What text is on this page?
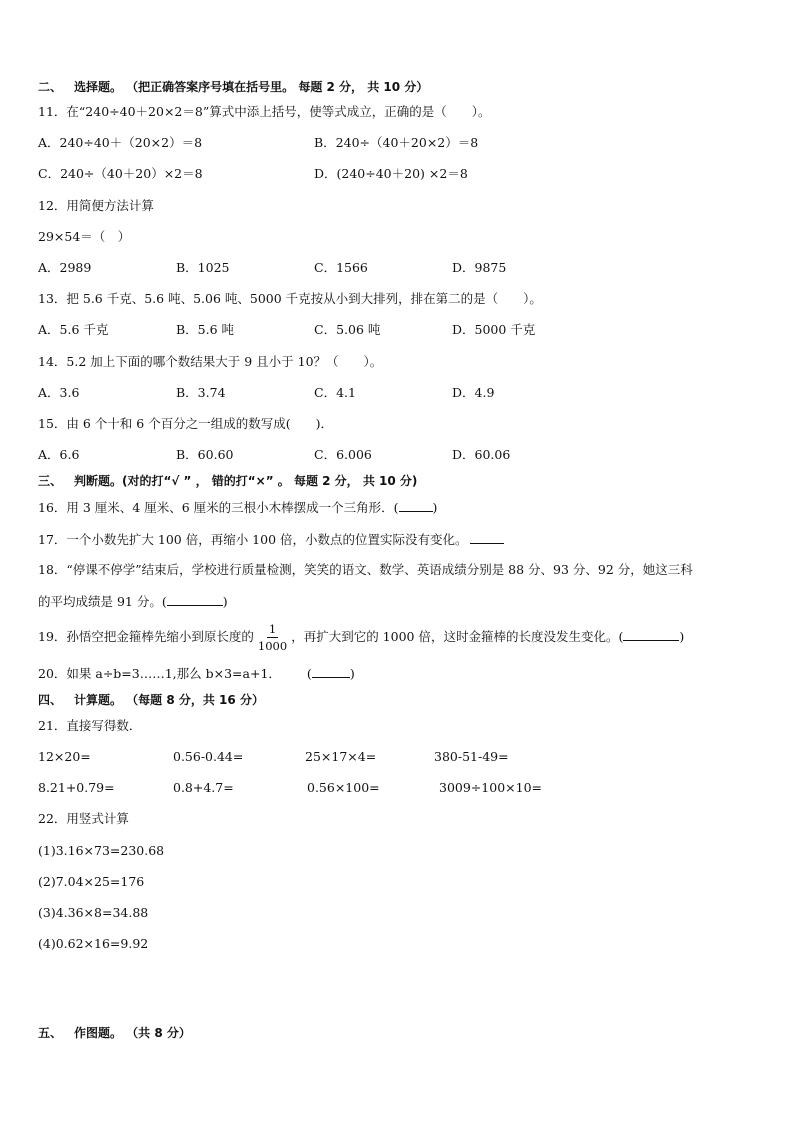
二、 选择题。 （把正确答案序号填在括号里。 每题 2 分， 共 10 分）
11．在“240÷40＋20×2＝8”算式中添上括号，使等式成立，正确的是（　　）。
A．240÷40＋（20×2）＝8	B．240÷（40＋20×2）＝8
C．240÷（40＋20）×2＝8	D．(240÷40＋20) ×2＝8
12．用简便方法计算
29×54＝（　）
A．2989	B．1025	C．1566	D．9875
13．把 5.6 千克、5.6 吨、5.06 吨、5000 千克按从小到大排列，排在第二的是（　　）。
A．5.6 千克	B．5.6 吨	C．5.06 吨	D．5000 千克
14．5.2 加上下面的哪个数结果大于 9 且小于 10？（　　）。
A．3.6	B．3.74	C．4.1	D．4.9
15．由 6 个十和 6 个百分之一组成的数写成(　　)．
A．6.6	B．60.60	C．6.006	D．60.06
三、 判断题。(对的打“√ ” ， 错的打“×” 。 每题 2 分， 共 10 分)
16．用 3 厘米、4 厘米、6 厘米的三根小木棒摆成一个三角形．(	)
17．一个小数先扩大 100 倍，再缩小 100 倍，小数点的位置实际没有变化。
18．“停课不停学”结束后，学校进行质量检测，笑笑的语文、数学、英语成绩分别是 88 分、93 分、92 分，她这三科
的平均成绩是 91 分。(	)
19．孙悟空把金箍棒先缩小到原长度的 $\frac{1}{1000}$ ，再扩大到它的 1000 倍，这时金箍棒的长度没发生变化。(	)
20．如果 a÷b=3……1,那么 b×3=a+1． (	)
四、 计算题。 （每题 8 分，共 16 分）
21．直接写得数．
12×20=	0.56-0.44=	25×17×4=	380-51-49=
8.21+0.79=	0.8+4.7=	0.56×100=	3009÷100×10=
22．用竖式计算
(1)3.16×73=230.68
(2)7.04×25=176
(3)4.36×8=34.88
(4)0.62×16=9.92
五、 作图题。 （共 8 分）
